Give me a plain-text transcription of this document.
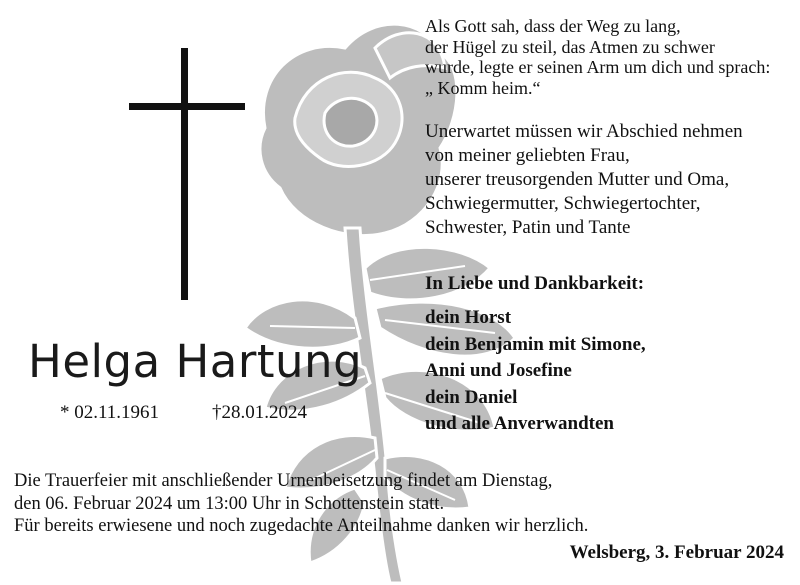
Helga Hartung
* 02.11.1961	†28.01.2024
Als Gott sah, dass der Weg zu lang,
der Hügel zu steil, das Atmen zu schwer
wurde, legte er seinen Arm um dich und sprach:
„ Komm heim.“
Unerwartet müssen wir Abschied nehmen
von meiner geliebten Frau,
unserer treusorgenden Mutter und Oma,
Schwiegermutter, Schwiegertochter,
Schwester, Patin und Tante
In Liebe und Dankbarkeit:
dein Horst
dein Benjamin mit Simone,
Anni und Josefine
dein Daniel
und alle Anverwandten
Die Trauerfeier mit anschließender Urnenbeisetzung findet am Dienstag,
den 06. Februar 2024 um 13:00 Uhr in Schottenstein statt.
Für bereits erwiesene und noch zugedachte Anteilnahme danken wir herzlich.
Welsberg, 3. Februar 2024
